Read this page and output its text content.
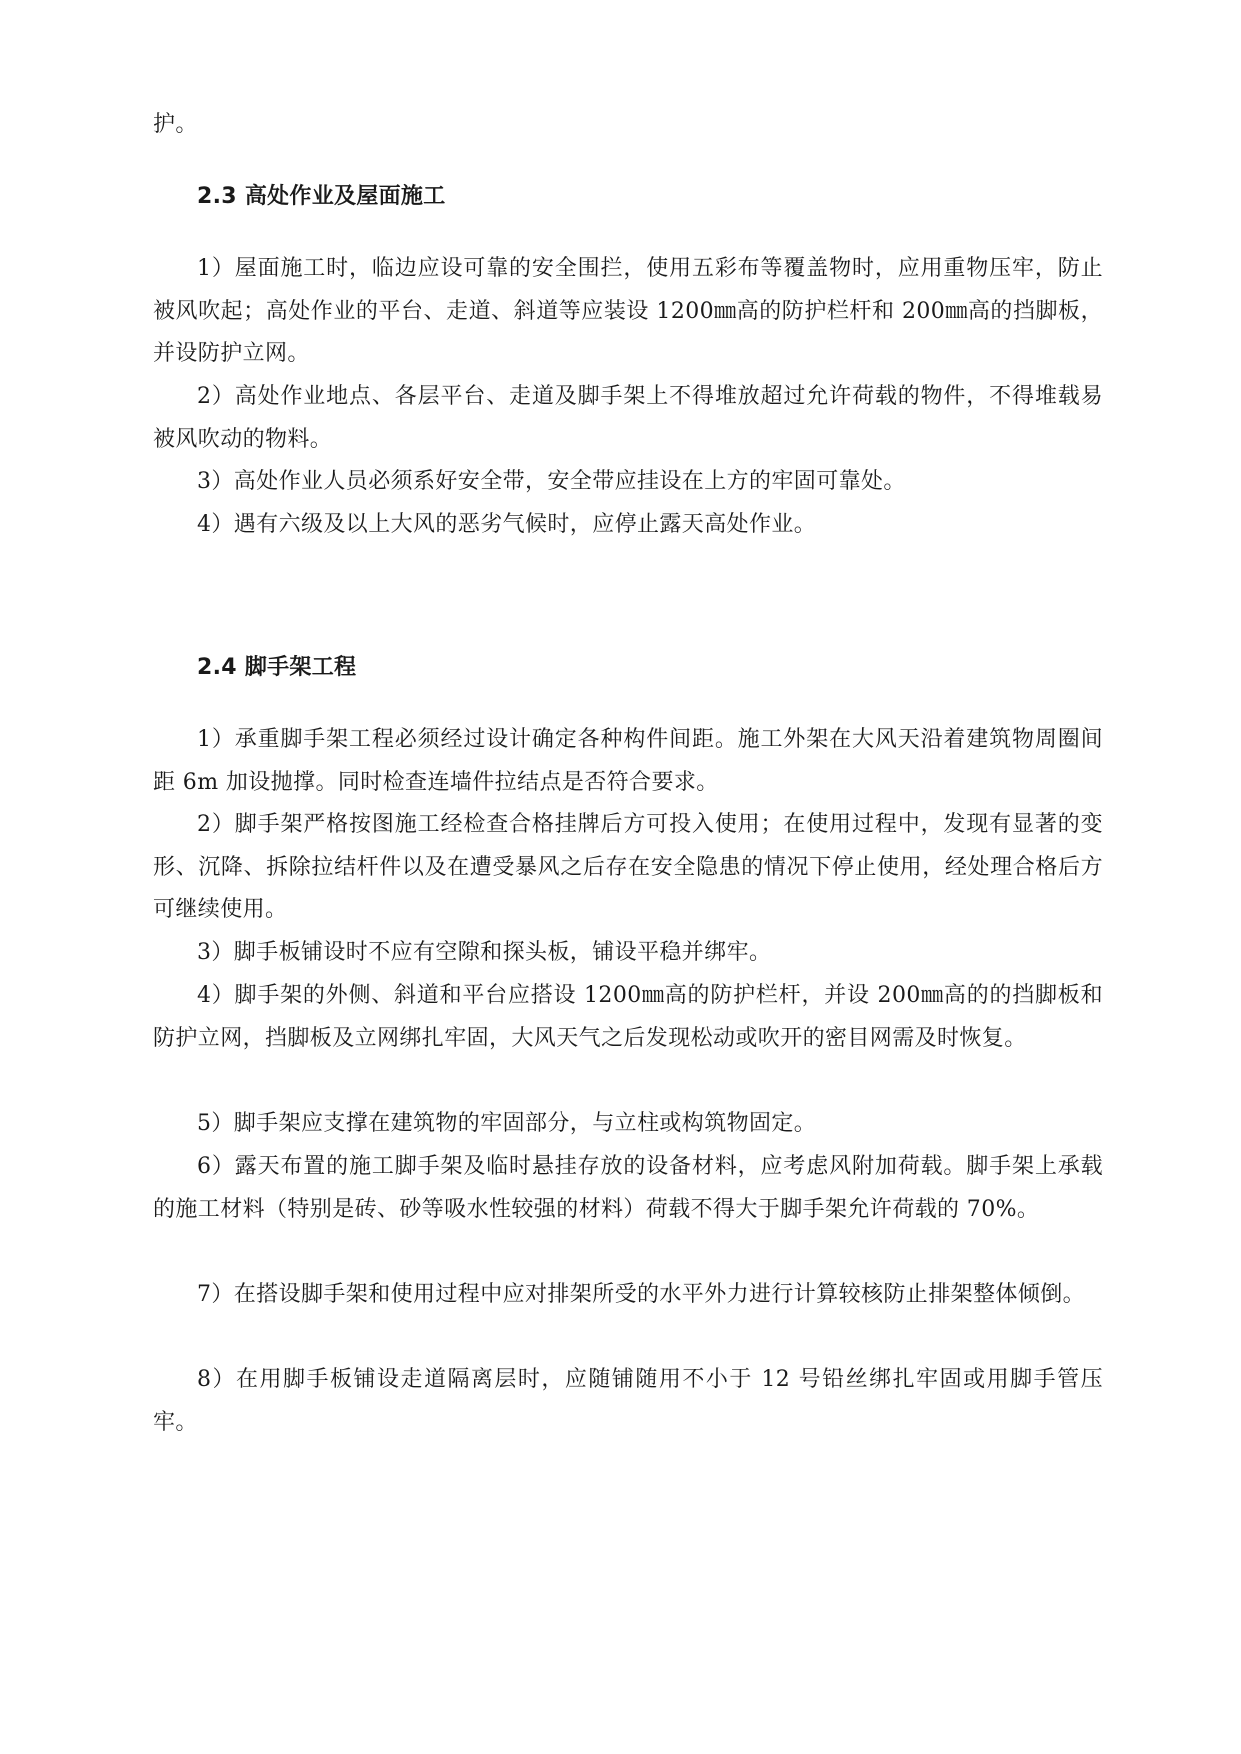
护。

2.3 高处作业及屋面施工

1）屋面施工时，临边应设可靠的安全围拦，使用五彩布等覆盖物时，应用重物压牢，防止被风吹起；高处作业的平台、走道、斜道等应装设 1200㎜高的防护栏杆和 200㎜高的挡脚板，并设防护立网。

2）高处作业地点、各层平台、走道及脚手架上不得堆放超过允许荷载的物件，不得堆载易被风吹动的物料。

3）高处作业人员必须系好安全带，安全带应挂设在上方的牢固可靠处。

4）遇有六级及以上大风的恶劣气候时，应停止露天高处作业。

2.4 脚手架工程

1）承重脚手架工程必须经过设计确定各种构件间距。施工外架在大风天沿着建筑物周圈间距 6m 加设抛撑。同时检查连墙件拉结点是否符合要求。

2）脚手架严格按图施工经检查合格挂牌后方可投入使用；在使用过程中，发现有显著的变形、沉降、拆除拉结杆件以及在遭受暴风之后存在安全隐患的情况下停止使用，经处理合格后方可继续使用。

3）脚手板铺设时不应有空隙和探头板，铺设平稳并绑牢。

4）脚手架的外侧、斜道和平台应搭设 1200㎜高的防护栏杆，并设 200㎜高的的挡脚板和防护立网，挡脚板及立网绑扎牢固，大风天气之后发现松动或吹开的密目网需及时恢复。

5）脚手架应支撑在建筑物的牢固部分，与立柱或构筑物固定。

6）露天布置的施工脚手架及临时悬挂存放的设备材料，应考虑风附加荷载。脚手架上承载的施工材料（特别是砖、砂等吸水性较强的材料）荷载不得大于脚手架允许荷载的 70%。

7）在搭设脚手架和使用过程中应对排架所受的水平外力进行计算较核防止排架整体倾倒。

8）在用脚手板铺设走道隔离层时，应随铺随用不小于 12 号铅丝绑扎牢固或用脚手管压牢。
